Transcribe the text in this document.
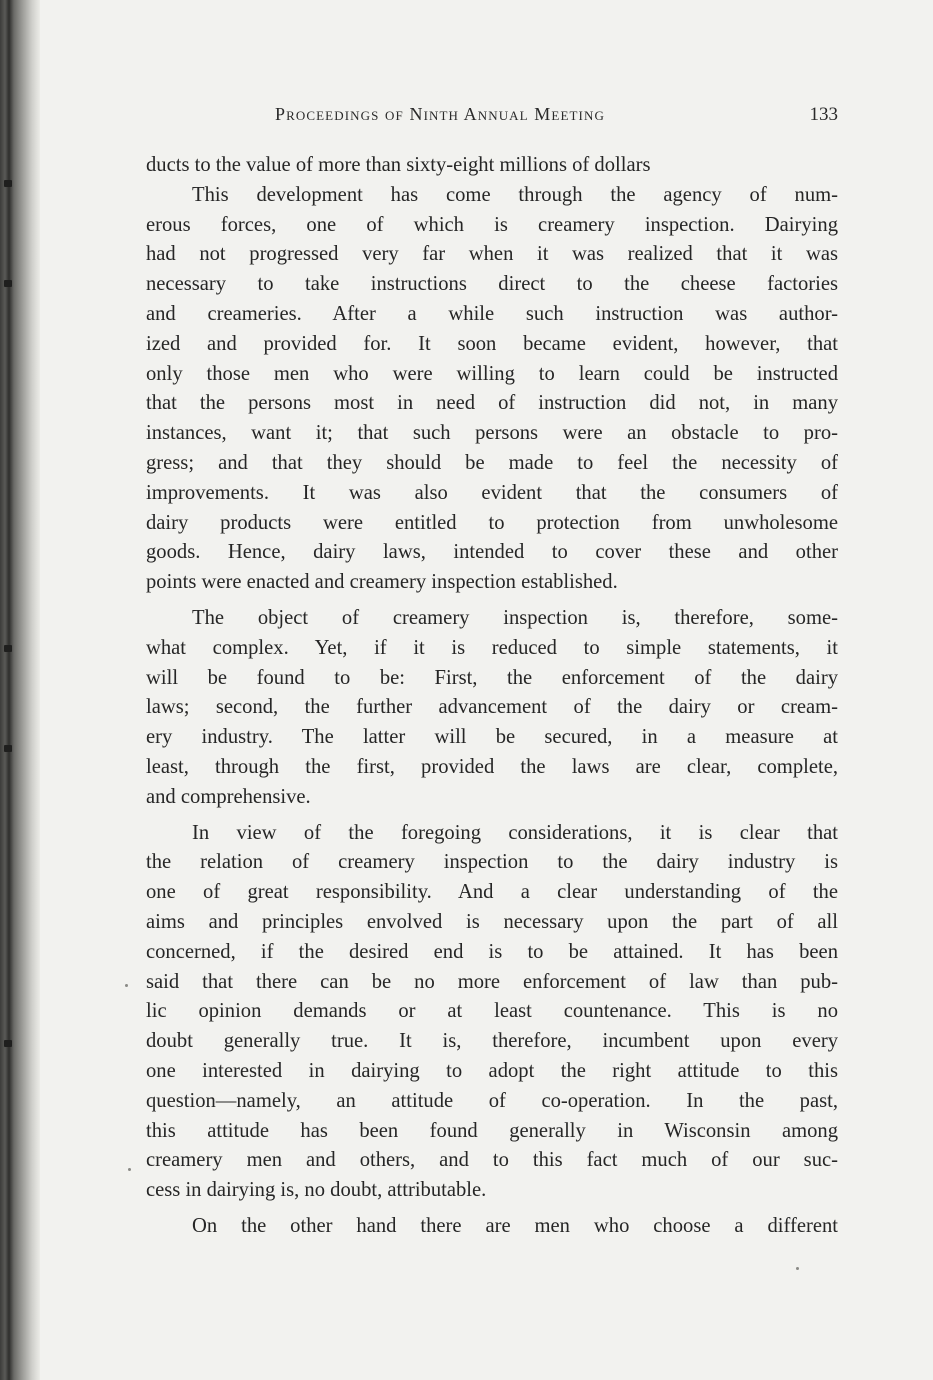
Proceedings of Ninth Annual Meeting	133
ducts to the value of more than sixty-eight millions of dollars
This development has come through the agency of num-
erous forces, one of which is creamery inspection. Dairying
had not progressed very far when it was realized that it was
necessary to take instructions direct to the cheese factories
and creameries. After a while such instruction was author-
ized and provided for. It soon became evident, however, that
only those men who were willing to learn could be instructed
that the persons most in need of instruction did not, in many
instances, want it; that such persons were an obstacle to pro-
gress; and that they should be made to feel the necessity of
improvements. It was also evident that the consumers of
dairy products were entitled to protection from unwholesome
goods. Hence, dairy laws, intended to cover these and other
points were enacted and creamery inspection established.
The object of creamery inspection is, therefore, some-
what complex. Yet, if it is reduced to simple statements, it
will be found to be: First, the enforcement of the dairy
laws; second, the further advancement of the dairy or cream-
ery industry. The latter will be secured, in a measure at
least, through the first, provided the laws are clear, complete,
and comprehensive.
In view of the foregoing considerations, it is clear that
the relation of creamery inspection to the dairy industry is
one of great responsibility. And a clear understanding of the
aims and principles envolved is necessary upon the part of all
concerned, if the desired end is to be attained. It has been
said that there can be no more enforcement of law than pub-
lic opinion demands or at least countenance. This is no
doubt generally true. It is, therefore, incumbent upon every
one interested in dairying to adopt the right attitude to this
question—namely, an attitude of co-operation. In the past,
this attitude has been found generally in Wisconsin among
creamery men and others, and to this fact much of our suc-
cess in dairying is, no doubt, attributable.
On the other hand there are men who choose a different
